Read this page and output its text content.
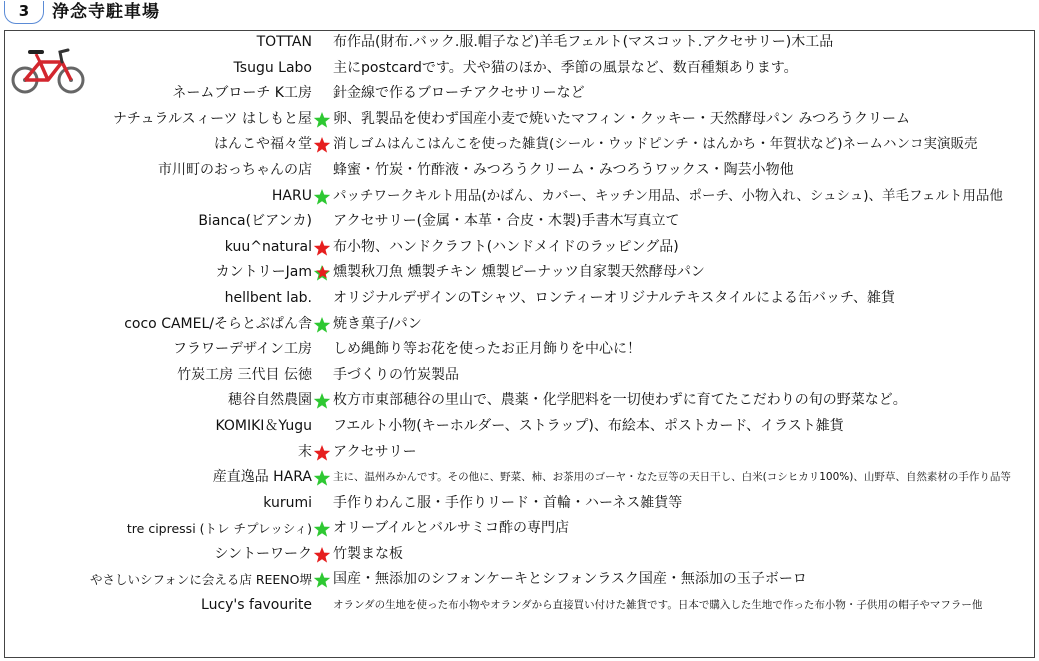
3	浄念寺駐車場
TOTTAN 布作品(財布.バック.服.帽子など)羊毛フェルト(マスコット.アクセサリー)木工品
Tsugu Labo 主にpostcardです。犬や猫のほか、季節の風景など、数百種類あります。
ネームブローチ K工房 針金線で作るブローチアクセサリーなど
ナチュラルスィーツ はしもと屋 卵、乳製品を使わず国産小麦で焼いたマフィン・クッキー・天然酵母パン みつろうクリーム
はんこや福々堂 消しゴムはんこはんこを使った雑貨(シール・ウッドピンチ・はんかち・年賀状など)ネームハンコ実演販売
市川町のおっちゃんの店 蜂蜜・竹炭・竹酢液・みつろうクリーム・みつろうワックス・陶芸小物他
HARU パッチワークキルト用品(かばん、カバー、キッチン用品、ポーチ、小物入れ、シュシュ)、羊毛フェルト用品他
Bianca(ビアンカ) アクセサリー(金属・本革・合皮・木製)手書木写真立て
kuu^natural 布小物、ハンドクラフト(ハンドメイドのラッピング品)
カントリーJam 燻製秋刀魚 燻製チキン 燻製ピーナッツ自家製天然酵母パン
hellbent lab. オリジナルデザインのTシャツ、ロンティーオリジナルテキスタイルによる缶バッチ、雑貨
coco CAMEL/そらとぶぱん舎 焼き菓子/パン
フラワーデザイン工房 しめ縄飾り等お花を使ったお正月飾りを中心に！
竹炭工房 三代目 伝徳 手づくりの竹炭製品
穂谷自然農園 枚方市東部穂谷の里山で、農薬・化学肥料を一切使わずに育てたこだわりの旬の野菜など。
KOMIKI＆Yugu フエルト小物(キーホルダー、ストラップ)、布絵本、ポストカード、イラスト雑貨
末 アクセサリー
産直逸品 HARA 主に、温州みかんです。その他に、野菜、柿、お茶用のゴーヤ・なた豆等の天日干し、白米(コシヒカリ100%)、山野草、自然素材の手作り品等
kurumi 手作りわんこ服・手作りリード・首輪・ハーネス雑貨等
tre cipressi (トレ チプレッシィ) オリーブイルとバルサミコ酢の専門店
シントーワーク 竹製まな板
やさしいシフォンに会える店 REENO堺 国産・無添加のシフォンケーキとシフォンラスク国産・無添加の玉子ボーロ
Lucy's favourite オランダの生地を使った布小物やオランダから直接買い付けた雑貨です。日本で購入した生地で作った布小物・子供用の帽子やマフラー他
